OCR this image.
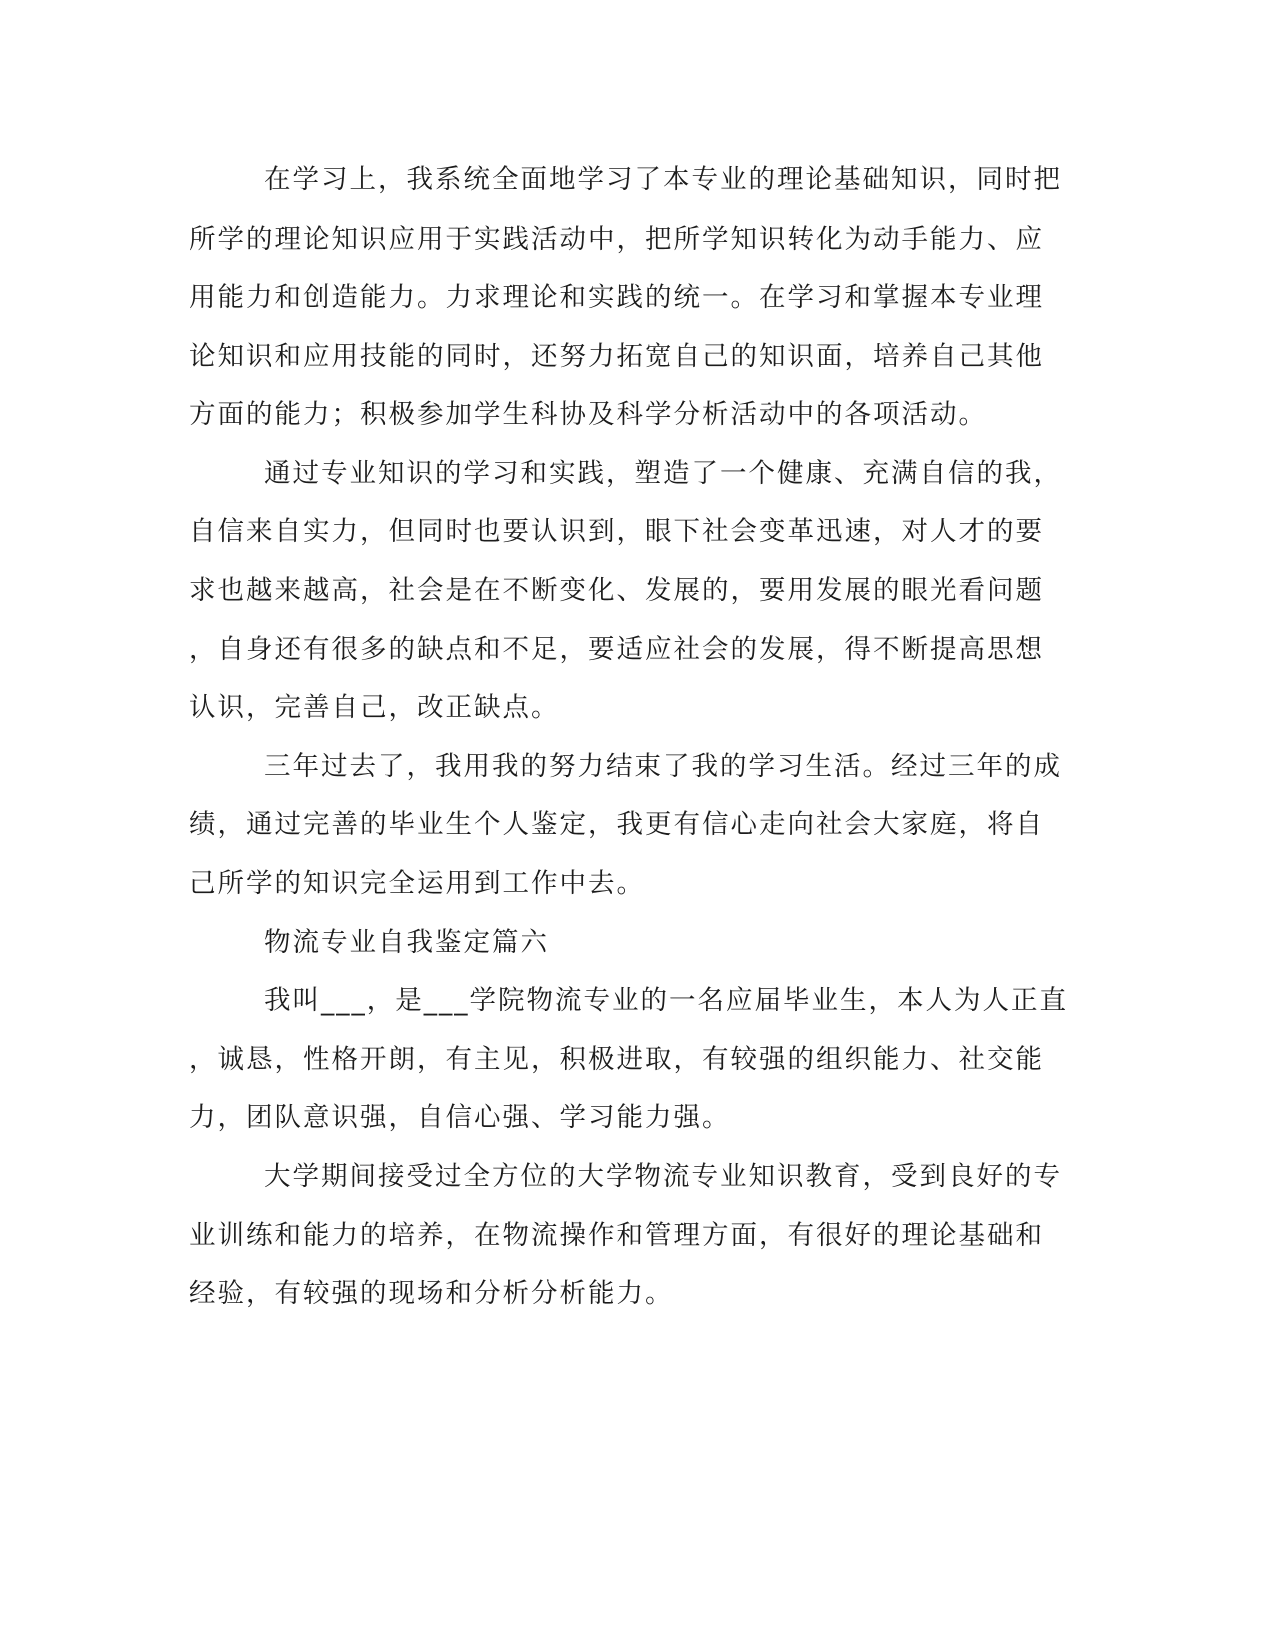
在学习上，我系统全面地学习了本专业的理论基础知识，同时把

所学的理论知识应用于实践活动中，把所学知识转化为动手能力、应

用能力和创造能力。力求理论和实践的统一。在学习和掌握本专业理

论知识和应用技能的同时，还努力拓宽自己的知识面，培养自己其他

方面的能力；积极参加学生科协及科学分析活动中的各项活动。

通过专业知识的学习和实践，塑造了一个健康、充满自信的我，

自信来自实力，但同时也要认识到，眼下社会变革迅速，对人才的要

求也越来越高，社会是在不断变化、发展的，要用发展的眼光看问题

，自身还有很多的缺点和不足，要适应社会的发展，得不断提高思想

认识，完善自己，改正缺点。

三年过去了，我用我的努力结束了我的学习生活。经过三年的成

绩，通过完善的毕业生个人鉴定，我更有信心走向社会大家庭，将自

己所学的知识完全运用到工作中去。

物流专业自我鉴定篇六

我叫___，是___学院物流专业的一名应届毕业生，本人为人正直

，诚恳，性格开朗，有主见，积极进取，有较强的组织能力、社交能

力，团队意识强，自信心强、学习能力强。

大学期间接受过全方位的大学物流专业知识教育，受到良好的专

业训练和能力的培养，在物流操作和管理方面，有很好的理论基础和

经验，有较强的现场和分析分析能力。
